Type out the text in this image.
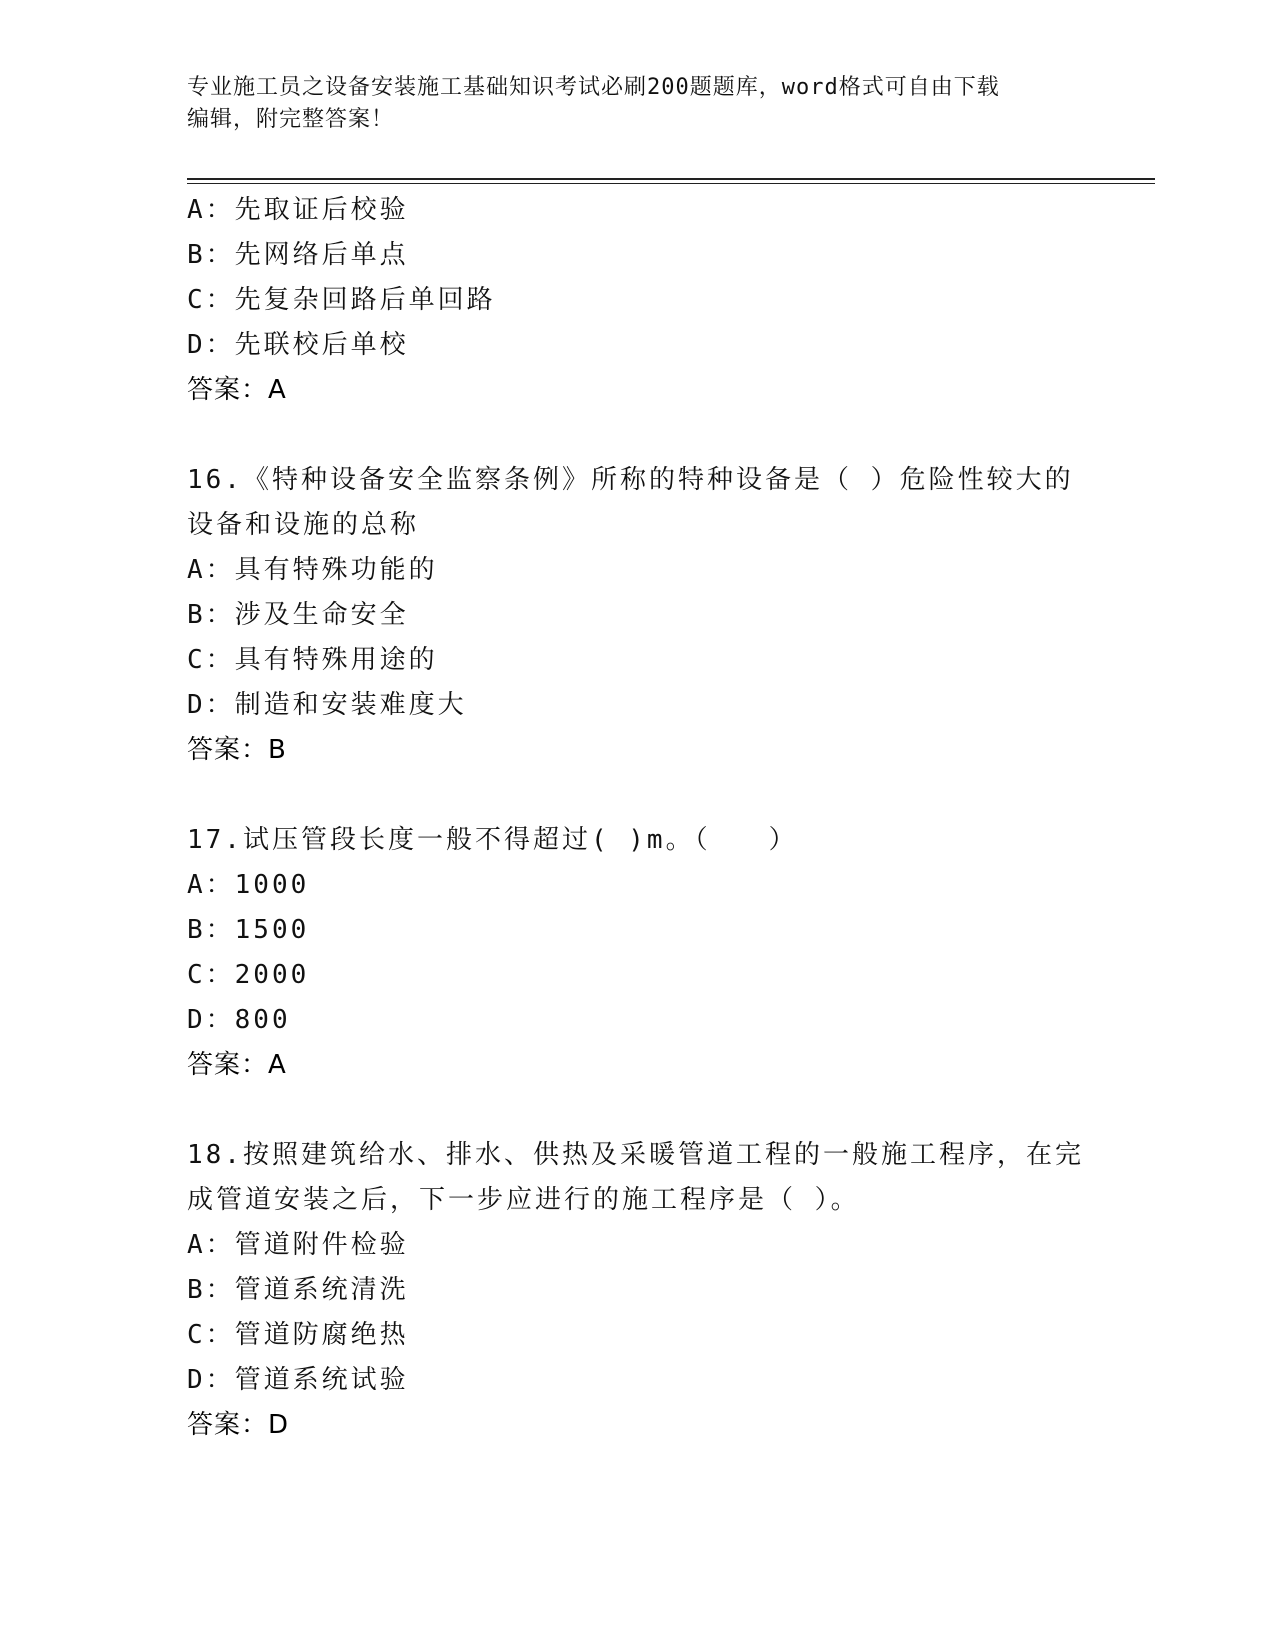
专业施工员之设备安装施工基础知识考试必刷200题题库，word格式可自由下载
编辑，附完整答案！
A：先取证后校验
B：先网络后单点
C：先复杂回路后单回路
D：先联校后单校
答案：A
16.《特种设备安全监察条例》所称的特种设备是（ ）危险性较大的
设备和设施的总称
A：具有特殊功能的
B：涉及生命安全
C：具有特殊用途的
D：制造和安装难度大
答案：B
17.试压管段长度一般不得超过( )m。（　　）
A：1000
B：1500
C：2000
D：800
答案：A
18.按照建筑给水、排水、供热及采暖管道工程的一般施工程序，在完
成管道安装之后，下一步应进行的施工程序是（ ）。
A：管道附件检验
B：管道系统清洗
C：管道防腐绝热
D：管道系统试验
答案：D
